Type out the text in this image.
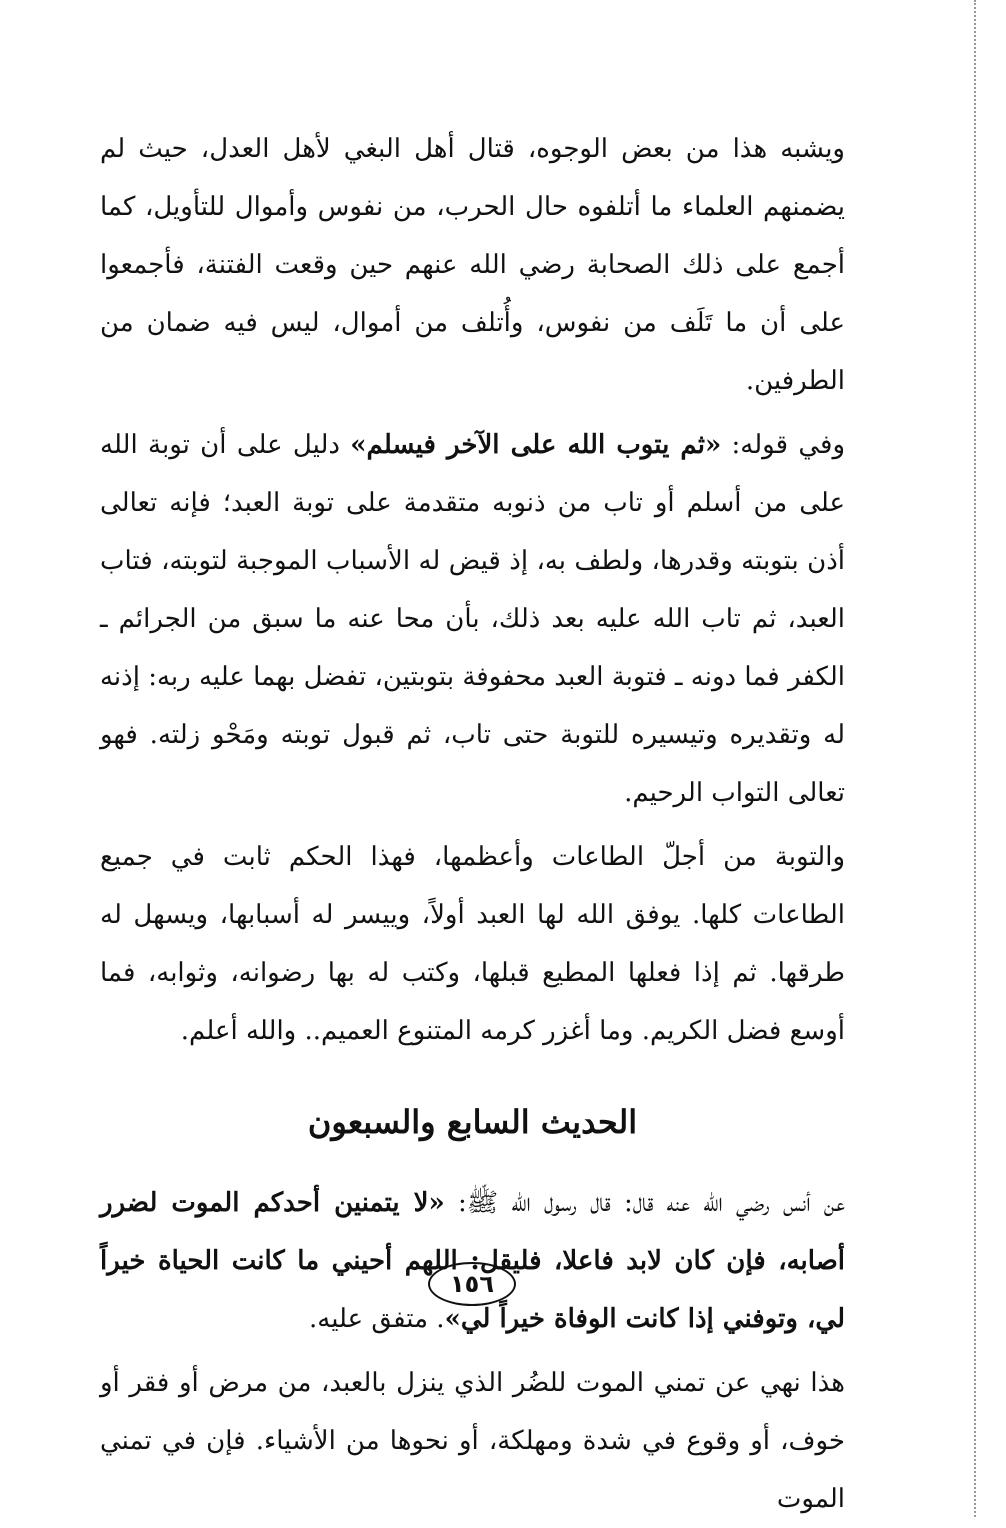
ويشبه هذا من بعض الوجوه، قتال أهل البغي لأهل العدل، حيث لم يضمنهم العلماء ما أتلفوه حال الحرب، من نفوس وأموال للتأويل، كما أجمع على ذلك الصحابة رضي الله عنهم حين وقعت الفتنة، فأجمعوا على أن ما تَلَف من نفوس، وأُتلف من أموال، ليس فيه ضمان من الطرفين.

وفي قوله: «ثم يتوب الله على الآخر فيسلم» دليل على أن توبة الله على من أسلم أو تاب من ذنوبه متقدمة على توبة العبد؛ فإنه تعالى أذن بتوبته وقدرها، ولطف به، إذ قيض له الأسباب الموجبة لتوبته، فتاب العبد، ثم تاب الله عليه بعد ذلك، بأن محا عنه ما سبق من الجرائم ـ الكفر فما دونه ـ فتوبة العبد محفوفة بتوبتين، تفضل بهما عليه ربه: إذنه له وتقديره وتيسيره للتوبة حتى تاب، ثم قبول توبته ومَحْو زلته. فهو تعالى التواب الرحيم.

والتوبة من أجلّ الطاعات وأعظمها، فهذا الحكم ثابت في جميع الطاعات كلها. يوفق الله لها العبد أولاً، وييسر له أسبابها، ويسهل له طرقها. ثم إذا فعلها المطيع قبلها، وكتب له بها رضوانه، وثوابه، فما أوسع فضل الكريم. وما أغزر كرمه المتنوع العميم.. والله أعلم.

الحديث السابع والسبعون

عن أنس رضي الله عنه قال: قال رسول الله ﷺ: «لا يتمنين أحدكم الموت لضرر أصابه، فإن كان لابد فاعلا، فليقل: اللهم أحيني ما كانت الحياة خيراً لي، وتوفني إذا كانت الوفاة خيراً لي». متفق عليه.

هذا نهي عن تمني الموت للضُر الذي ينزل بالعبد، من مرض أو فقر أو خوف، أو وقوع في شدة ومهلكة، أو نحوها من الأشياء. فإن في تمني الموت

١٥٦
